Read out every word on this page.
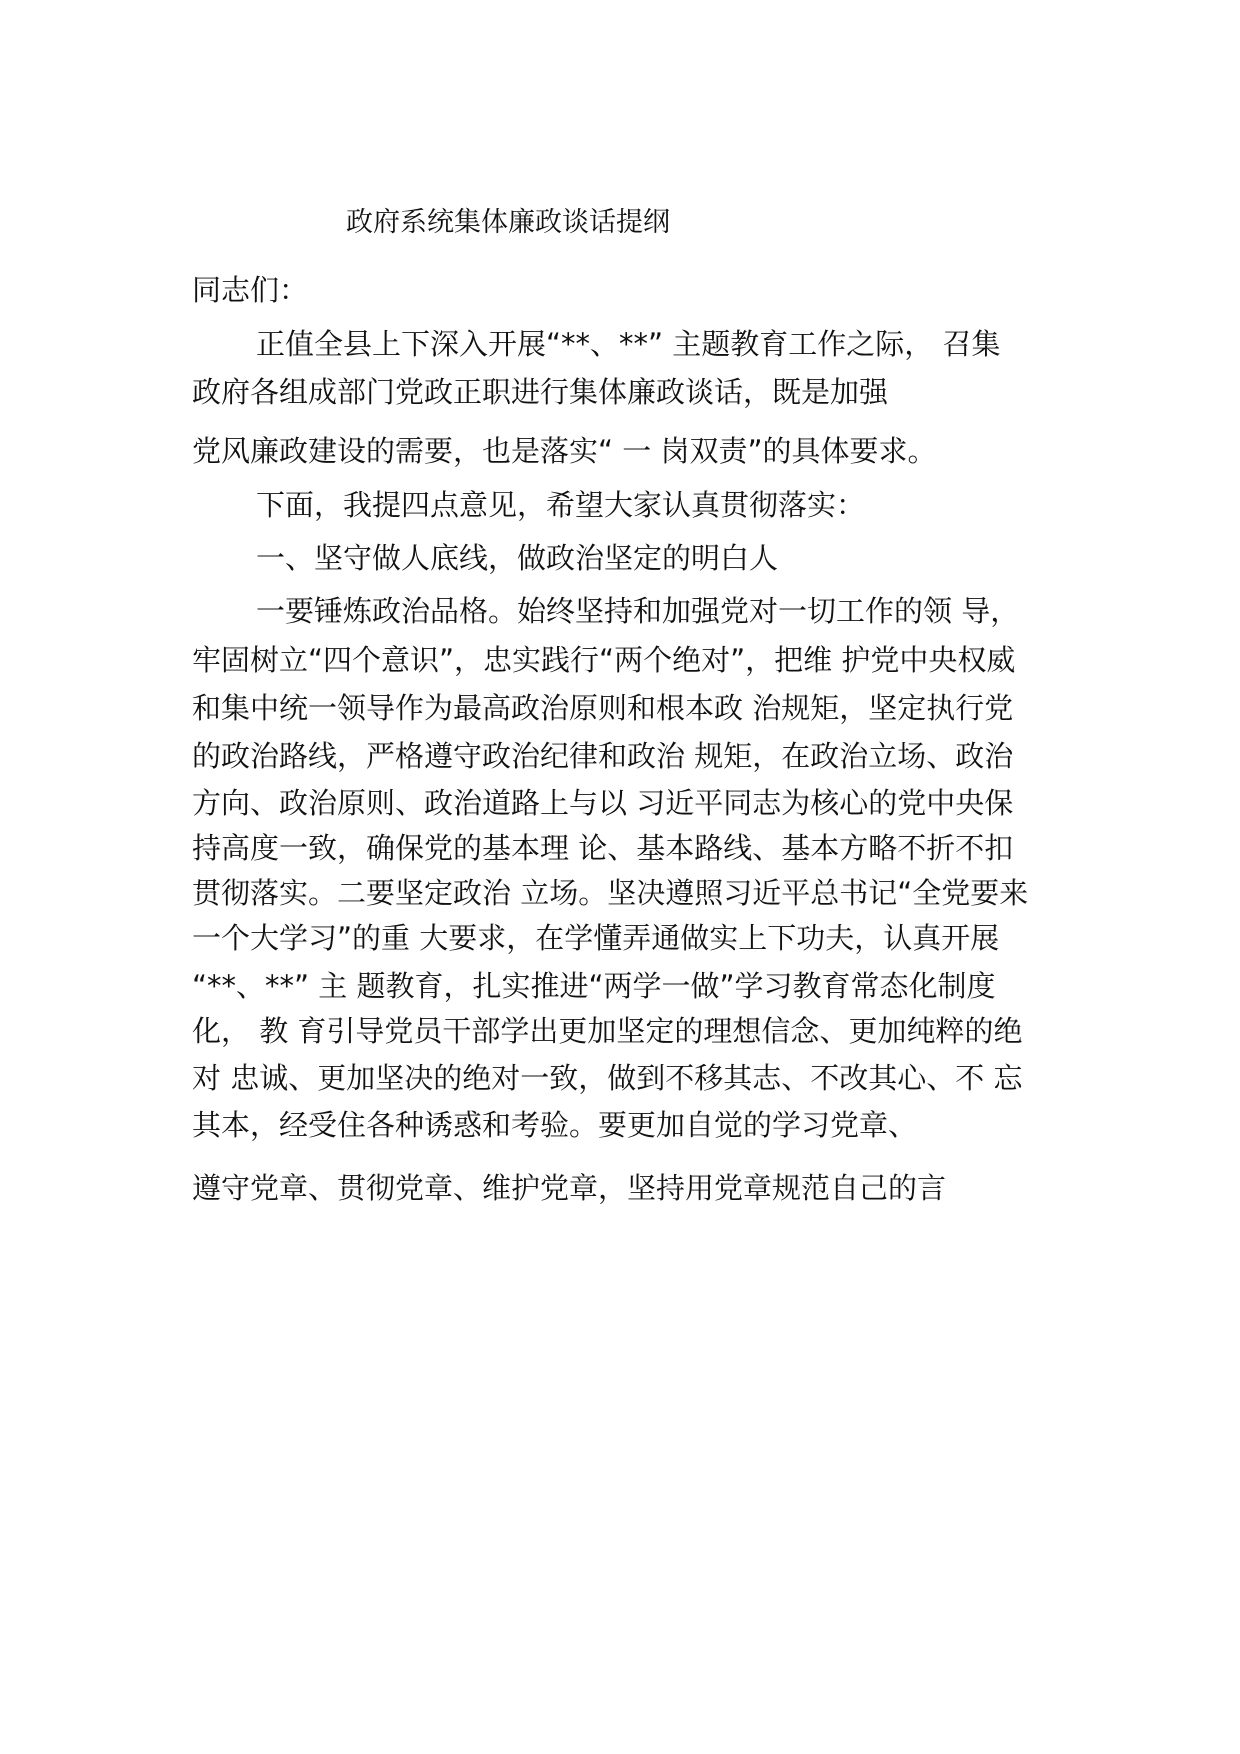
政府系统集体廉政谈话提纲
同志们：
正值全县上下深入开展“**、**” 主题教育工作之际， 召集
政府各组成部门党政正职进行集体廉政谈话，既是加强
党风廉政建设的需要，也是落实“ 一 岗双责”的具体要求。
下面，我提四点意见，希望大家认真贯彻落实：
一、坚守做人底线，做政治坚定的明白人
一要锤炼政治品格。始终坚持和加强党对一切工作的领 导，
牢固树立“四个意识”，忠实践行“两个绝对”，把维 护党中央权威
和集中统一领导作为最高政治原则和根本政 治规矩，坚定执行党
的政治路线，严格遵守政治纪律和政治 规矩，在政治立场、政治
方向、政治原则、政治道路上与以 习近平同志为核心的党中央保
持高度一致，确保党的基本理 论、基本路线、基本方略不折不扣
贯彻落实。二要坚定政治 立场。坚决遵照习近平总书记“全党要来
一个大学习”的重 大要求，在学懂弄通做实上下功夫，认真开展
“**、**” 主 题教育，扎实推进“两学一做”学习教育常态化制度
化， 教 育引导党员干部学出更加坚定的理想信念、更加纯粹的绝
对 忠诚、更加坚决的绝对一致，做到不移其志、不改其心、不 忘
其本，经受住各种诱惑和考验。要更加自觉的学习党章、
遵守党章、贯彻党章、维护党章，坚持用党章规范自己的言
